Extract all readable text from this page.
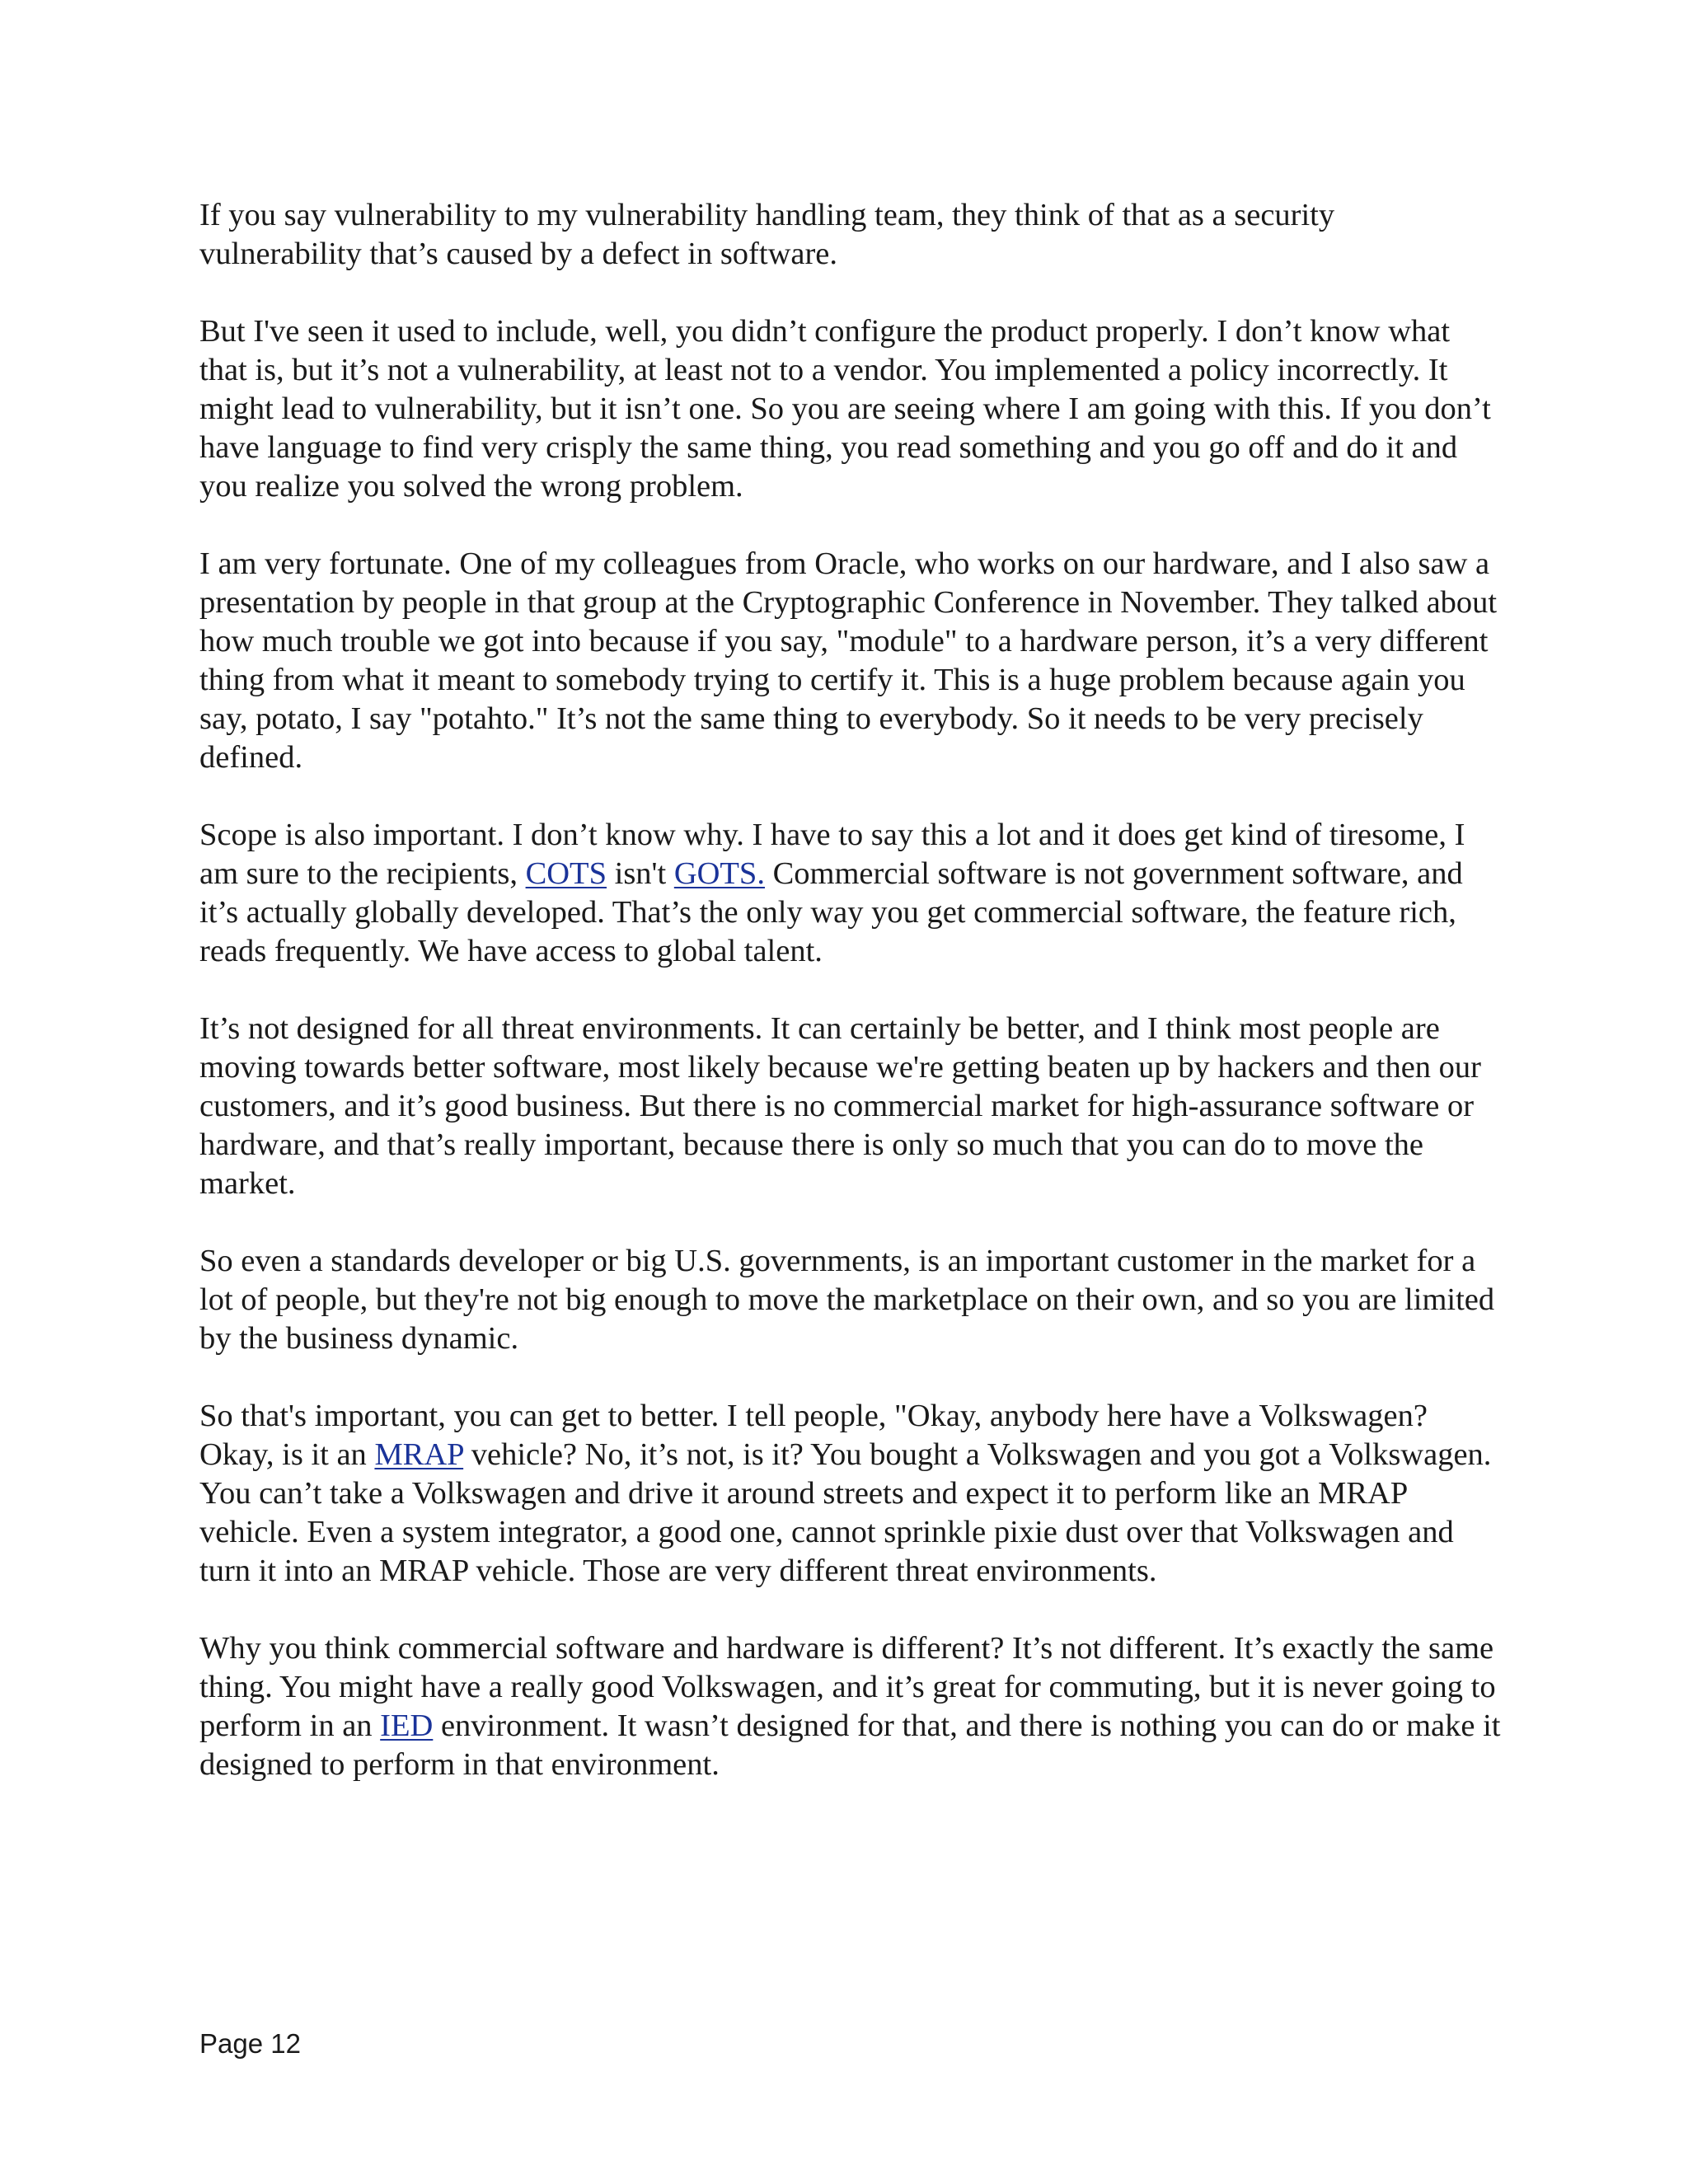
If you say vulnerability to my vulnerability handling team, they think of that as a security vulnerability that’s caused by a defect in software.

But I've seen it used to include, well, you didn’t configure the product properly. I don’t know what that is, but it’s not a vulnerability, at least not to a vendor. You implemented a policy incorrectly. It might lead to vulnerability, but it isn’t one. So you are seeing where I am going with this. If you don’t have language to find very crisply the same thing, you read something and you go off and do it and you realize you solved the wrong problem.

I am very fortunate. One of my colleagues from Oracle, who works on our hardware, and I also saw a presentation by people in that group at the Cryptographic Conference in November. They talked about how much trouble we got into because if you say, "module" to a hardware person, it’s a very different thing from what it meant to somebody trying to certify it. This is a huge problem because again you say, potato, I say "potahto." It’s not the same thing to everybody. So it needs to be very precisely defined.

Scope is also important. I don’t know why. I have to say this a lot and it does get kind of tiresome, I am sure to the recipients, COTS isn't GOTS. Commercial software is not government software, and it’s actually globally developed. That’s the only way you get commercial software, the feature rich, reads frequently. We have access to global talent.

It’s not designed for all threat environments. It can certainly be better, and I think most people are moving towards better software, most likely because we're getting beaten up by hackers and then our customers, and it’s good business. But there is no commercial market for high-assurance software or hardware, and that’s really important, because there is only so much that you can do to move the market.

So even a standards developer or big U.S. governments, is an important customer in the market for a lot of people, but they're not big enough to move the marketplace on their own, and so you are limited by the business dynamic.

So that's important, you can get to better. I tell people, "Okay, anybody here have a Volkswagen? Okay, is it an MRAP vehicle? No, it’s not, is it? You bought a Volkswagen and you got a Volkswagen. You can’t take a Volkswagen and drive it around streets and expect it to perform like an MRAP vehicle. Even a system integrator, a good one, cannot sprinkle pixie dust over that Volkswagen and turn it into an MRAP vehicle. Those are very different threat environments.

Why you think commercial software and hardware is different? It’s not different. It’s exactly the same thing. You might have a really good Volkswagen, and it’s great for commuting, but it is never going to perform in an IED environment. It wasn’t designed for that, and there is nothing you can do or make it designed to perform in that environment.

Page 12
